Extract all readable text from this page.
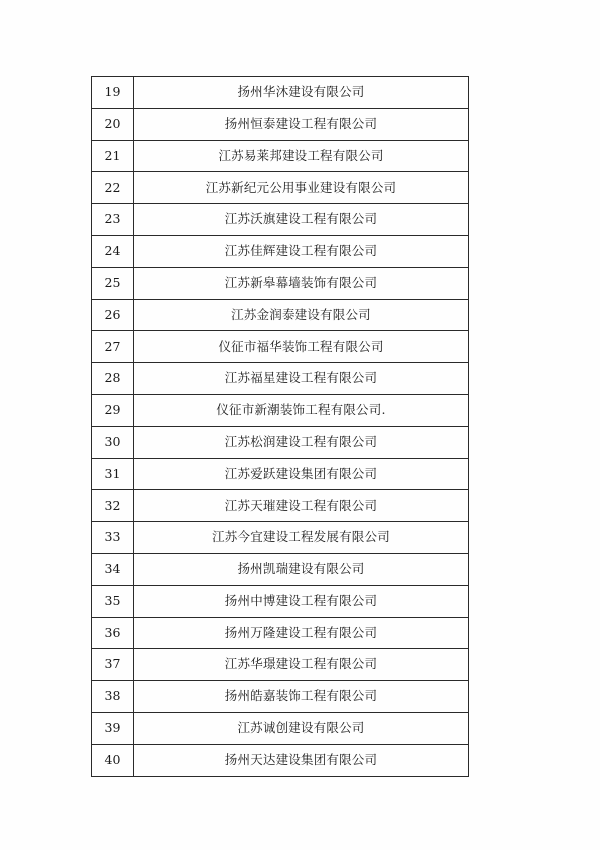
19	扬州华沐建设有限公司
20	扬州恒泰建设工程有限公司
21	江苏易莱邦建设工程有限公司
22	江苏新纪元公用事业建设有限公司
23	江苏沃旗建设工程有限公司
24	江苏佳辉建设工程有限公司
25	江苏新皋幕墙装饰有限公司
26	江苏金润泰建设有限公司
27	仪征市福华装饰工程有限公司
28	江苏福星建设工程有限公司
29	仪征市新潮装饰工程有限公司.
30	江苏松润建设工程有限公司
31	江苏爱跃建设集团有限公司
32	江苏天璀建设工程有限公司
33	江苏今宜建设工程发展有限公司
34	扬州凯瑞建设有限公司
35	扬州中博建设工程有限公司
36	扬州万隆建设工程有限公司
37	江苏华璟建设工程有限公司
38	扬州皓嘉装饰工程有限公司
39	江苏诚创建设有限公司
40	扬州天达建设集团有限公司
